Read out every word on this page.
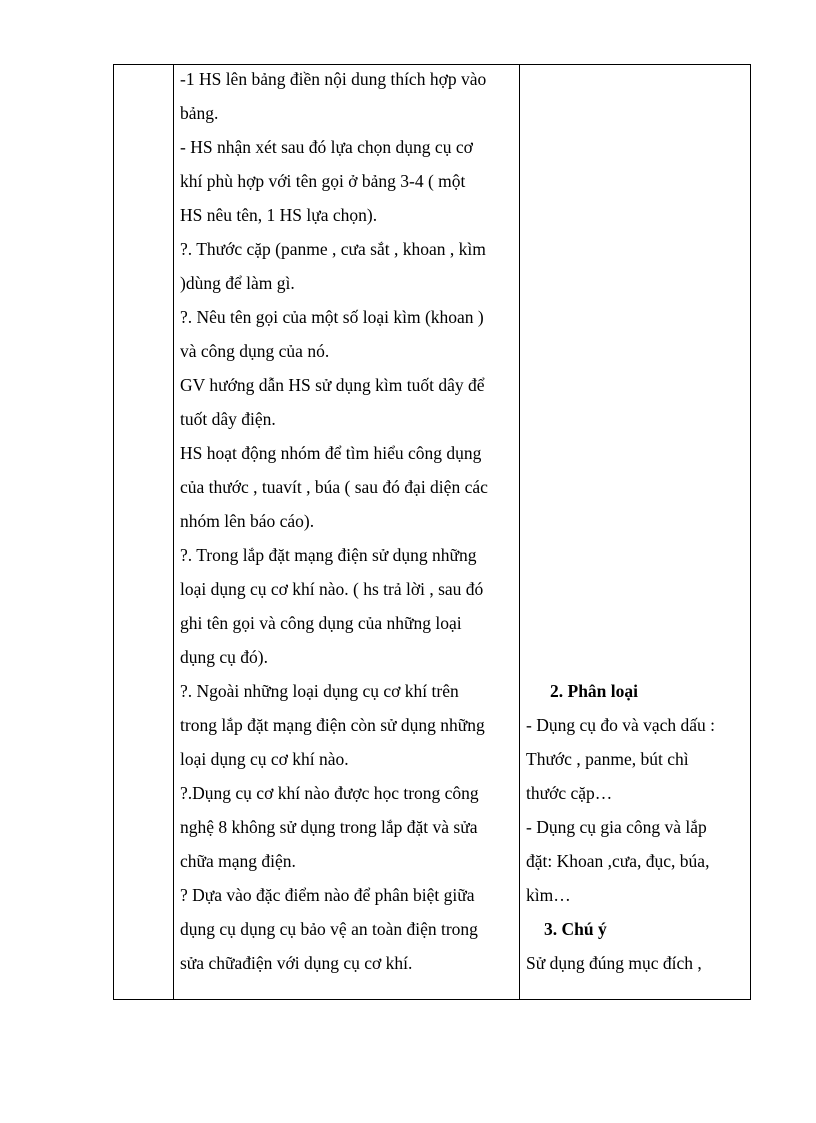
-1 HS lên bảng điền nội dung thích hợp vào
bảng.
- HS nhận xét sau đó lựa chọn dụng cụ cơ
khí phù hợp với tên gọi ở bảng 3-4 ( một
HS nêu tên, 1 HS lựa chọn).
?. Thước cặp (panme , cưa sắt , khoan , kìm
)dùng để làm gì.
?. Nêu tên gọi của một số loại kìm (khoan )
và công dụng của nó.
GV hướng dẫn HS sử dụng kìm tuốt dây để
tuốt dây điện.
HS hoạt động nhóm để tìm hiểu công dụng
của thước , tuavít , búa ( sau đó đại diện các
nhóm lên báo cáo).
?. Trong lắp đặt mạng điện sử dụng những
loại dụng cụ cơ khí nào. ( hs trả lời , sau đó
ghi tên gọi và công dụng của những loại
dụng cụ đó).
?. Ngoài những loại dụng cụ cơ khí trên
trong lắp đặt mạng điện còn sử dụng những
loại dụng cụ cơ khí nào.
?.Dụng cụ cơ khí nào được học trong công
nghệ 8 không sử dụng trong lắp đặt và sửa
chữa mạng điện.
? Dựa vào đặc điểm nào để phân biệt giữa
dụng cụ dụng cụ bảo vệ an toàn điện trong
sửa chữađiện với dụng cụ cơ khí.
2. Phân loại
- Dụng cụ đo và vạch dấu :
Thước , panme, bút chì
thước cặp…
- Dụng cụ gia công và lắp
đặt: Khoan ,cưa, đục, búa,
kìm…
3. Chú ý
Sử dụng đúng mục đích ,
